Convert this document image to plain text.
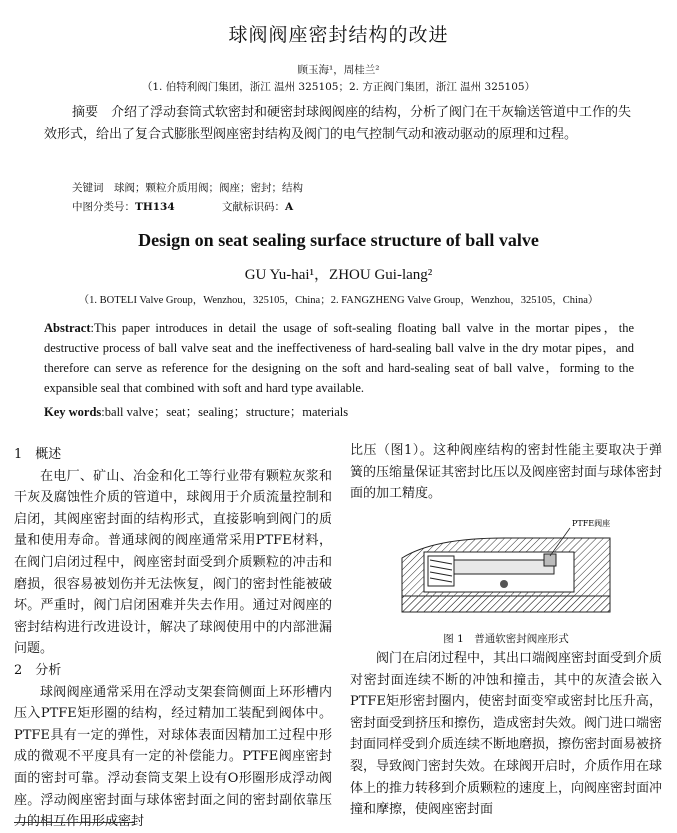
球阀阀座密封结构的改进
顾玉海¹，周桂兰²
（1. 伯特利阀门集团，浙江 温州 325105；2. 方正阀门集团，浙江 温州 325105）
摘要　 介绍了浮动套筒式软密封和硬密封球阀阀座的结构，分析了阀门在干灰输送管道中工作的失效形式，给出了复合式膨胀型阀座密封结构及阀门的电气控制气动和液动驱动的原理和过程。
关键词　 球阀；颗粒介质用阀；阀座；密封；结构
中图分类号：TH134	文献标识码：A
Design on seat sealing surface structure of ball valve
GU Yu-hai¹，ZHOU Gui-lang²
（1. BOTELI Valve Group，Wenzhou，325105，China；2. FANGZHENG Valve Group，Wenzhou，325105，China）
Abstract:This paper introduces in detail the usage of soft-sealing floating ball valve in the mortar pipes，the destructive process of ball valve seat and the ineffectiveness of hard-sealing ball valve in the dry motar pipes，and therefore can serve as reference for the designing on the soft and hard-sealing seat of ball valve，forming to the expansible seal that combined with soft and hard type available.
Key words:ball valve；seat；sealing；structure；materials

1　概述

在电厂、矿山、冶金和化工等行业带有颗粒灰浆和干灰及腐蚀性介质的管道中，球阀用于介质流量控制和启闭，其阀座密封面的结构形式，直接影响到阀门的质量和使用寿命。普通球阀的阀座通常采用PTFE材料，在阀门启闭过程中，阀座密封面受到介质颗粒的冲击和磨损，很容易被划伤并无法恢复，阀门的密封性能被破坏。严重时，阀门启闭困难并失去作用。通过对阀座的密封结构进行改进设计，解决了球阀使用中的内部泄漏问题。

2　分析

球阀阀座通常采用在浮动支架套筒侧面上环形槽内压入PTFE矩形圈的结构，经过精加工装配到阀体中。PTFE具有一定的弹性，对球体表面因精加工过程中形成的微观不平度具有一定的补偿能力。PTFE阀座密封面的密封可靠。浮动套筒支架上设有O形圈形成浮动阀座。浮动阀座密封面与球体密封面之间的密封副依靠压力的相互作用形成密封

比压（图1）。这种阀座结构的密封性能主要取决于弹簧的压缩量保证其密封比压以及阀座密封面与球体密封面的加工精度。

PTFE阀座
图 1　普通软密封阀座形式

阀门在启闭过程中，其出口端阀座密封面受到介质对密封面连续不断的冲蚀和撞击，其中的灰渣会嵌入PTFE矩形密封圈内，使密封面变窄或密封比压升高，密封面受到挤压和擦伤，造成密封失效。阀门进口端密封面同样受到介质连续不断地磨损，擦伤密封面易被挤裂，导致阀门密封失效。在球阀开启时，介质作用在球体上的推力转移到介质颗粒的速度上，向阀座密封面冲撞和摩擦，使阀座密封面
